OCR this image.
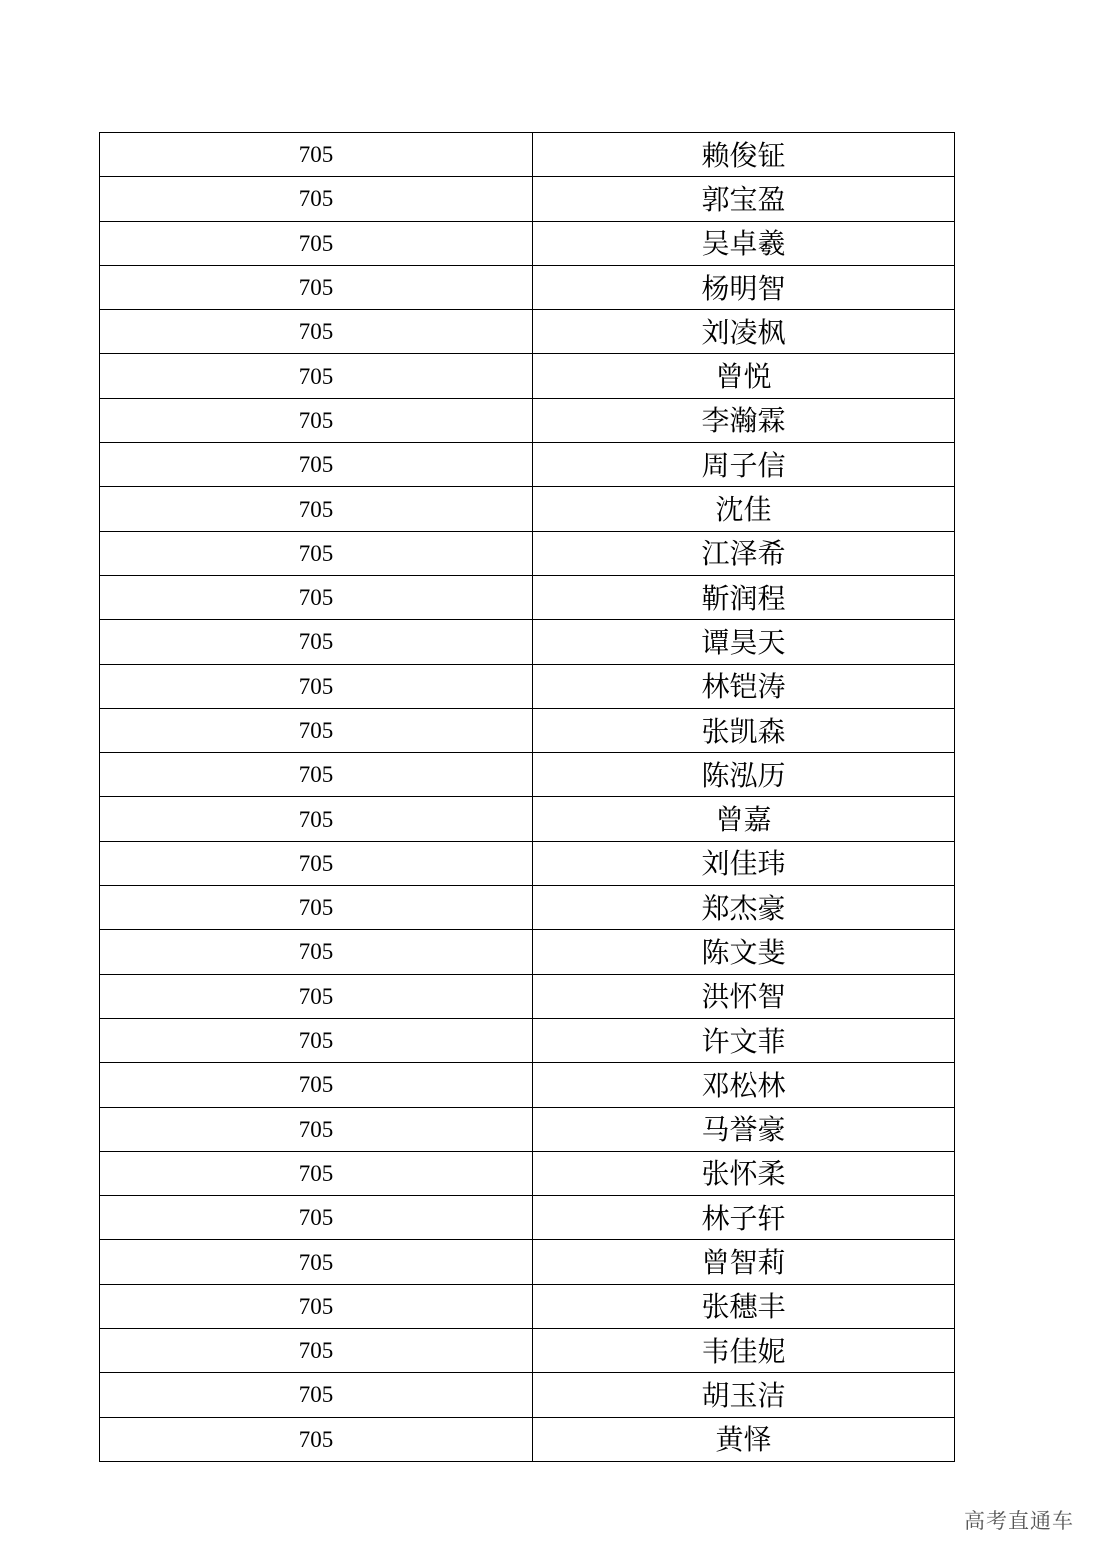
705	赖俊钲
705	郭宝盈
705	吴卓羲
705	杨明智
705	刘凌枫
705	曾悦
705	李瀚霖
705	周子信
705	沈佳
705	江泽希
705	靳润程
705	谭昊天
705	林铠涛
705	张凯森
705	陈泓历
705	曾嘉
705	刘佳玮
705	郑杰豪
705	陈文斐
705	洪怀智
705	许文菲
705	邓松林
705	马誉豪
705	张怀柔
705	林子轩
705	曾智莉
705	张穗丰
705	韦佳妮
705	胡玉洁
705	黄怿
高考直通车
